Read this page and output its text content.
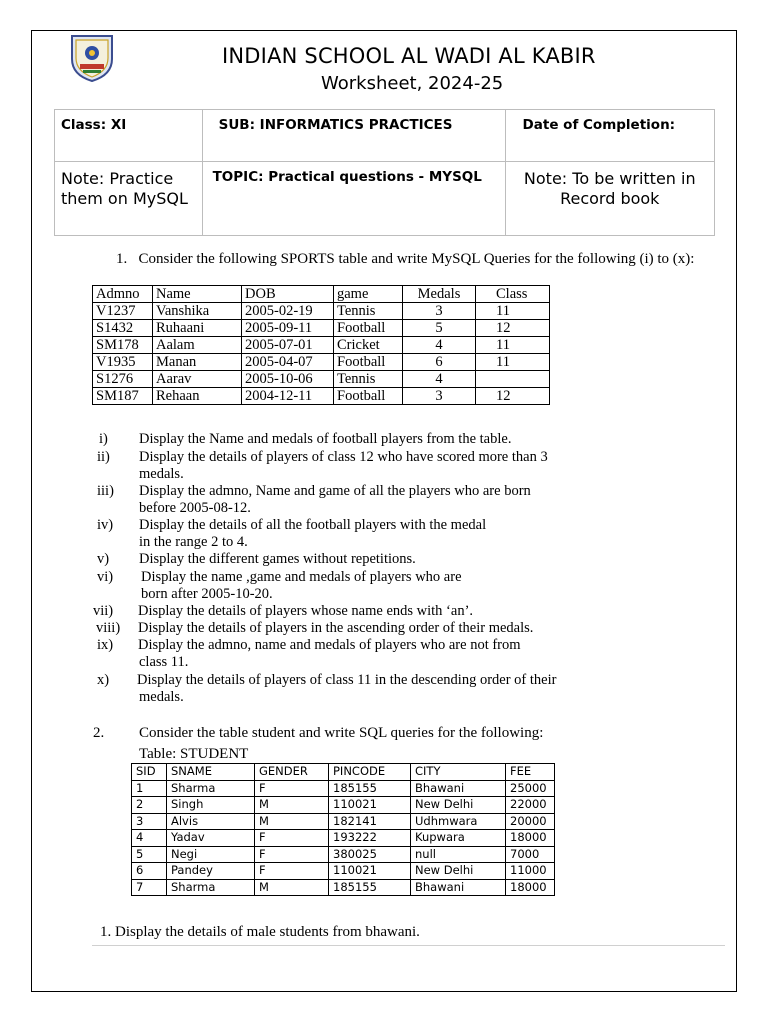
INDIAN SCHOOL AL WADI AL KABIR
Worksheet, 2024-25
Class: XI	SUB: INFORMATICS PRACTICES	Date of Completion:

Note: Practice them on MySQL	TOPIC: Practical questions - MYSQL	Note: To be written in Record book
1. Consider the following SPORTS table and write MySQL Queries for the following (i) to (x):
Admno	Name	DOB	game	Medals	Class
V1237	Vanshika	2005-02-19	Tennis	3	11
S1432	Ruhaani	2005-09-11	Football	5	12
SM178	Aalam	2005-07-01	Cricket	4	11
V1935	Manan	2005-04-07	Football	6	11
S1276	Aarav	2005-10-06	Tennis	4	
SM187	Rehaan	2004-12-11	Football	3	12
i) Display the Name and medals of football players from the table.
ii) Display the details of players of class 12 who have scored more than 3
medals.
iii) Display the admno, Name and game of all the players who are born
before 2005-08-12.
iv) Display the details of all the football players with the medal
in the range 2 to 4.
v) Display the different games without repetitions.
vi) Display the name ,game and medals of players who are
born after 2005-10-20.
vii) Display the details of players whose name ends with ‘an’.
viii) Display the details of players in the ascending order of their medals.
ix) Display the admno, name and medals of players who are not from
class 11.
x) Display the details of players of class 11 in the descending order of their
medals.
2. Consider the table student and write SQL queries for the following:
Table: STUDENT
SID	SNAME	GENDER	PINCODE	CITY	FEE
1	Sharma	F	185155	Bhawani	25000
2	Singh	M	110021	New Delhi	22000
3	Alvis	M	182141	Udhmwara	20000
4	Yadav	F	193222	Kupwara	18000
5	Negi	F	380025	null	7000
6	Pandey	F	110021	New Delhi	11000
7	Sharma	M	185155	Bhawani	18000
1. Display the details of male students from bhawani.
